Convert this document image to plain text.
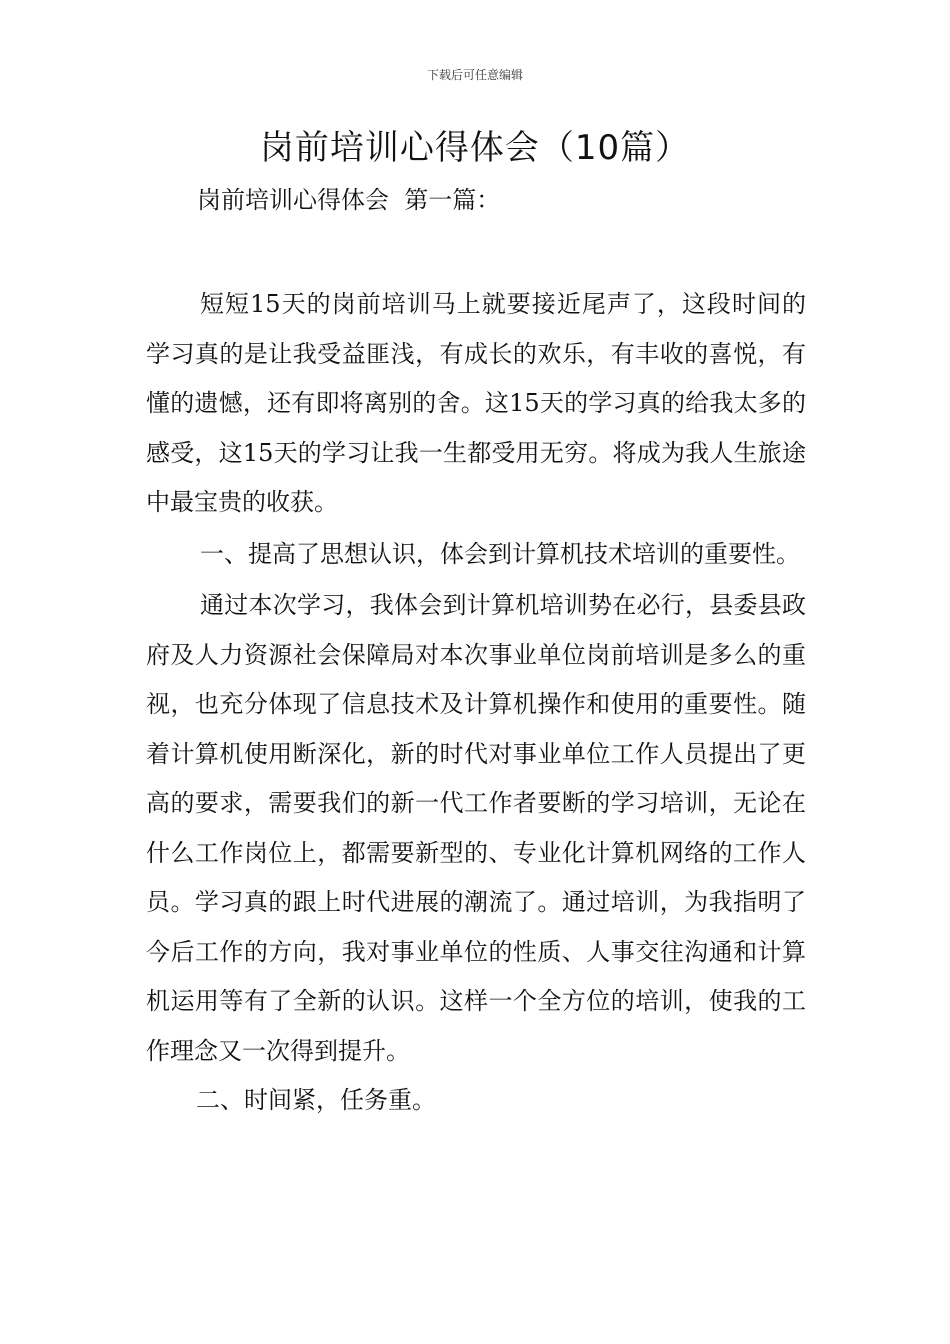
下载后可任意编辑
岗前培训心得体会（10篇）
岗前培训心得体会  第一篇：

短短15天的岗前培训马上就要接近尾声了，这段时间的学习真的是让我受益匪浅，有成长的欢乐，有丰收的喜悦，有懂的遗憾，还有即将离别的舍。这15天的学习真的给我太多的感受，这15天的学习让我一生都受用无穷。将成为我人生旅途中最宝贵的收获。

一、提高了思想认识，体会到计算机技术培训的重要性。

通过本次学习，我体会到计算机培训势在必行，县委县政府及人力资源社会保障局对本次事业单位岗前培训是多么的重视，也充分体现了信息技术及计算机操作和使用的重要性。随着计算机使用断深化，新的时代对事业单位工作人员提出了更高的要求，需要我们的新一代工作者要断的学习培训，无论在什么工作岗位上，都需要新型的、专业化计算机网络的工作人员。学习真的跟上时代进展的潮流了。通过培训，为我指明了今后工作的方向，我对事业单位的性质、人事交往沟通和计算机运用等有了全新的认识。这样一个全方位的培训，使我的工作理念又一次得到提升。

二、时间紧，任务重。
